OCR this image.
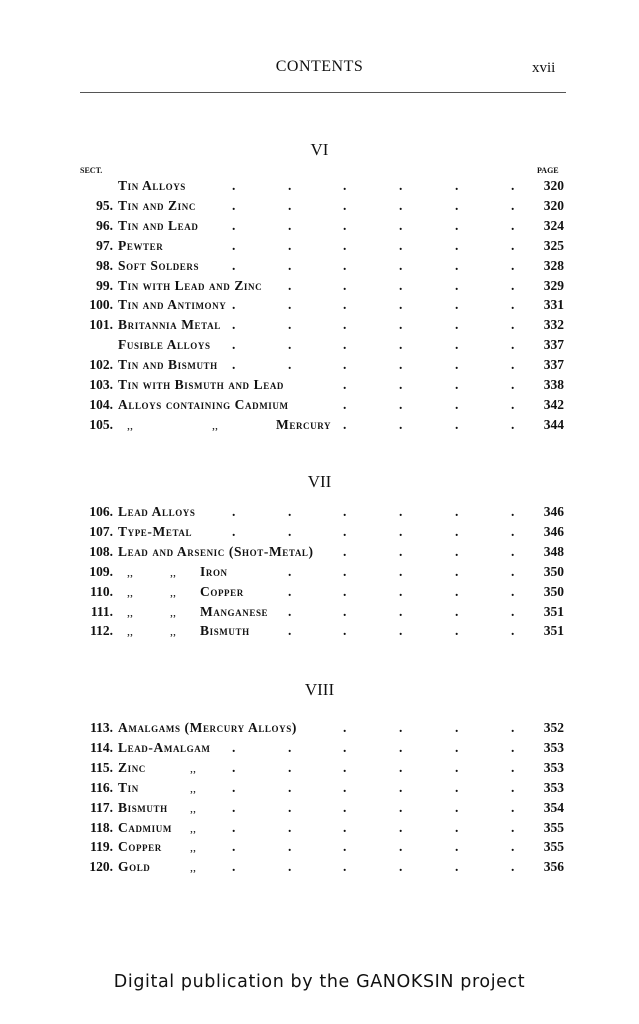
CONTENTS	xvii
VI
SECT.	PAGE
Tin Alloys	320
.	.	.	.	.	.
95. Tin and Zinc	320
.	.	.	.	.	.
96. Tin and Lead	324
.	.	.	.	.	.
97. Pewter	325
.	.	.	.	.	.
98. Soft Solders	328
.	.	.	.	.	.
99. Tin with Lead and Zinc	329
.	.	.	.	.
100. Tin and Antimony	331
.	.	.	.	.	.
101. Britannia Metal	332
.	.	.	.	.	.
Fusible Alloys	337
.	.	.	.	.	.
102. Tin and Bismuth	337
.	.	.	.	.	.
103. Tin with Bismuth and Lead	338
.	.	.	.
104. Alloys containing Cadmium	342
.	.	.	.
105. ,,	,,	Mercury	344
.	.	.	.
VII
106. Lead Alloys	346
.	.	.	.	.	.
107. Type-Metal	346
.	.	.	.	.	.
108. Lead and Arsenic (Shot-Metal)	348
.	.	.	.
109. ,,	,, Iron	350
.	.	.	.	.
110. ,,	,, Copper	350
.	.	.	.	.
111. ,,	,, Manganese	351
.	.	.	.	.
112. ,,	,, Bismuth	351
.	.	.	.	.
VIII
113. Amalgams (Mercury Alloys)	352
.	.	.	.
114. Lead-Amalgam	353
.	.	.	.	.	.
115. Zinc	,,	353
.	.	.	.	.	.
116. Tin	,,	353
.	.	.	.	.	.
117. Bismuth ,,	354
.	.	.	.	.	.
118. Cadmium ,,	355
.	.	.	.	.	.
119. Copper ,,	355
.	.	.	.	.	.
120. Gold	,,	356
.	.	.	.	.	.
Digital publication by the GANOKSIN project
